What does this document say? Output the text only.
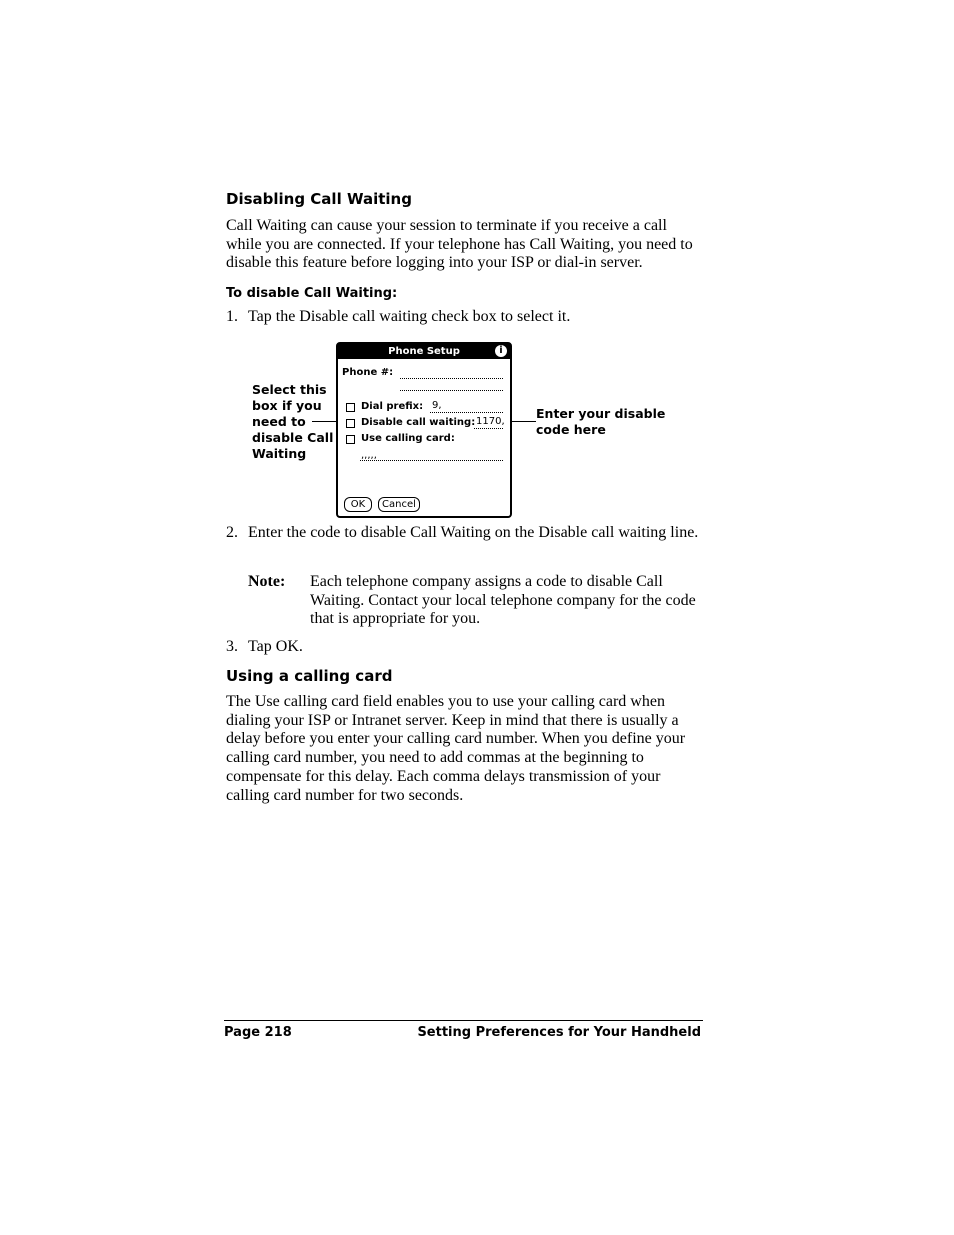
Disabling Call Waiting
Call Waiting can cause your session to terminate if you receive a call while you are connected. If your telephone has Call Waiting, you need to disable this feature before logging into your ISP or dial-in server.
To disable Call Waiting:
1. Tap the Disable call waiting check box to select it.
Select this
box if you
need to
disable Call
Waiting
Enter your disable
code here
Phone Setup	i
Phone #:
Dial prefix: 9,
Disable call waiting: 1170,
Use calling card:
,,,,,
OK	Cancel
2. Enter the code to disable Call Waiting on the Disable call waiting line.
Note: Each telephone company assigns a code to disable Call Waiting. Contact your local telephone company for the code that is appropriate for you.
3. Tap OK.
Using a calling card
The Use calling card field enables you to use your calling card when dialing your ISP or Intranet server. Keep in mind that there is usually a delay before you enter your calling card number. When you define your calling card number, you need to add commas at the beginning to compensate for this delay. Each comma delays transmission of your calling card number for two seconds.
Page 218	Setting Preferences for Your Handheld
